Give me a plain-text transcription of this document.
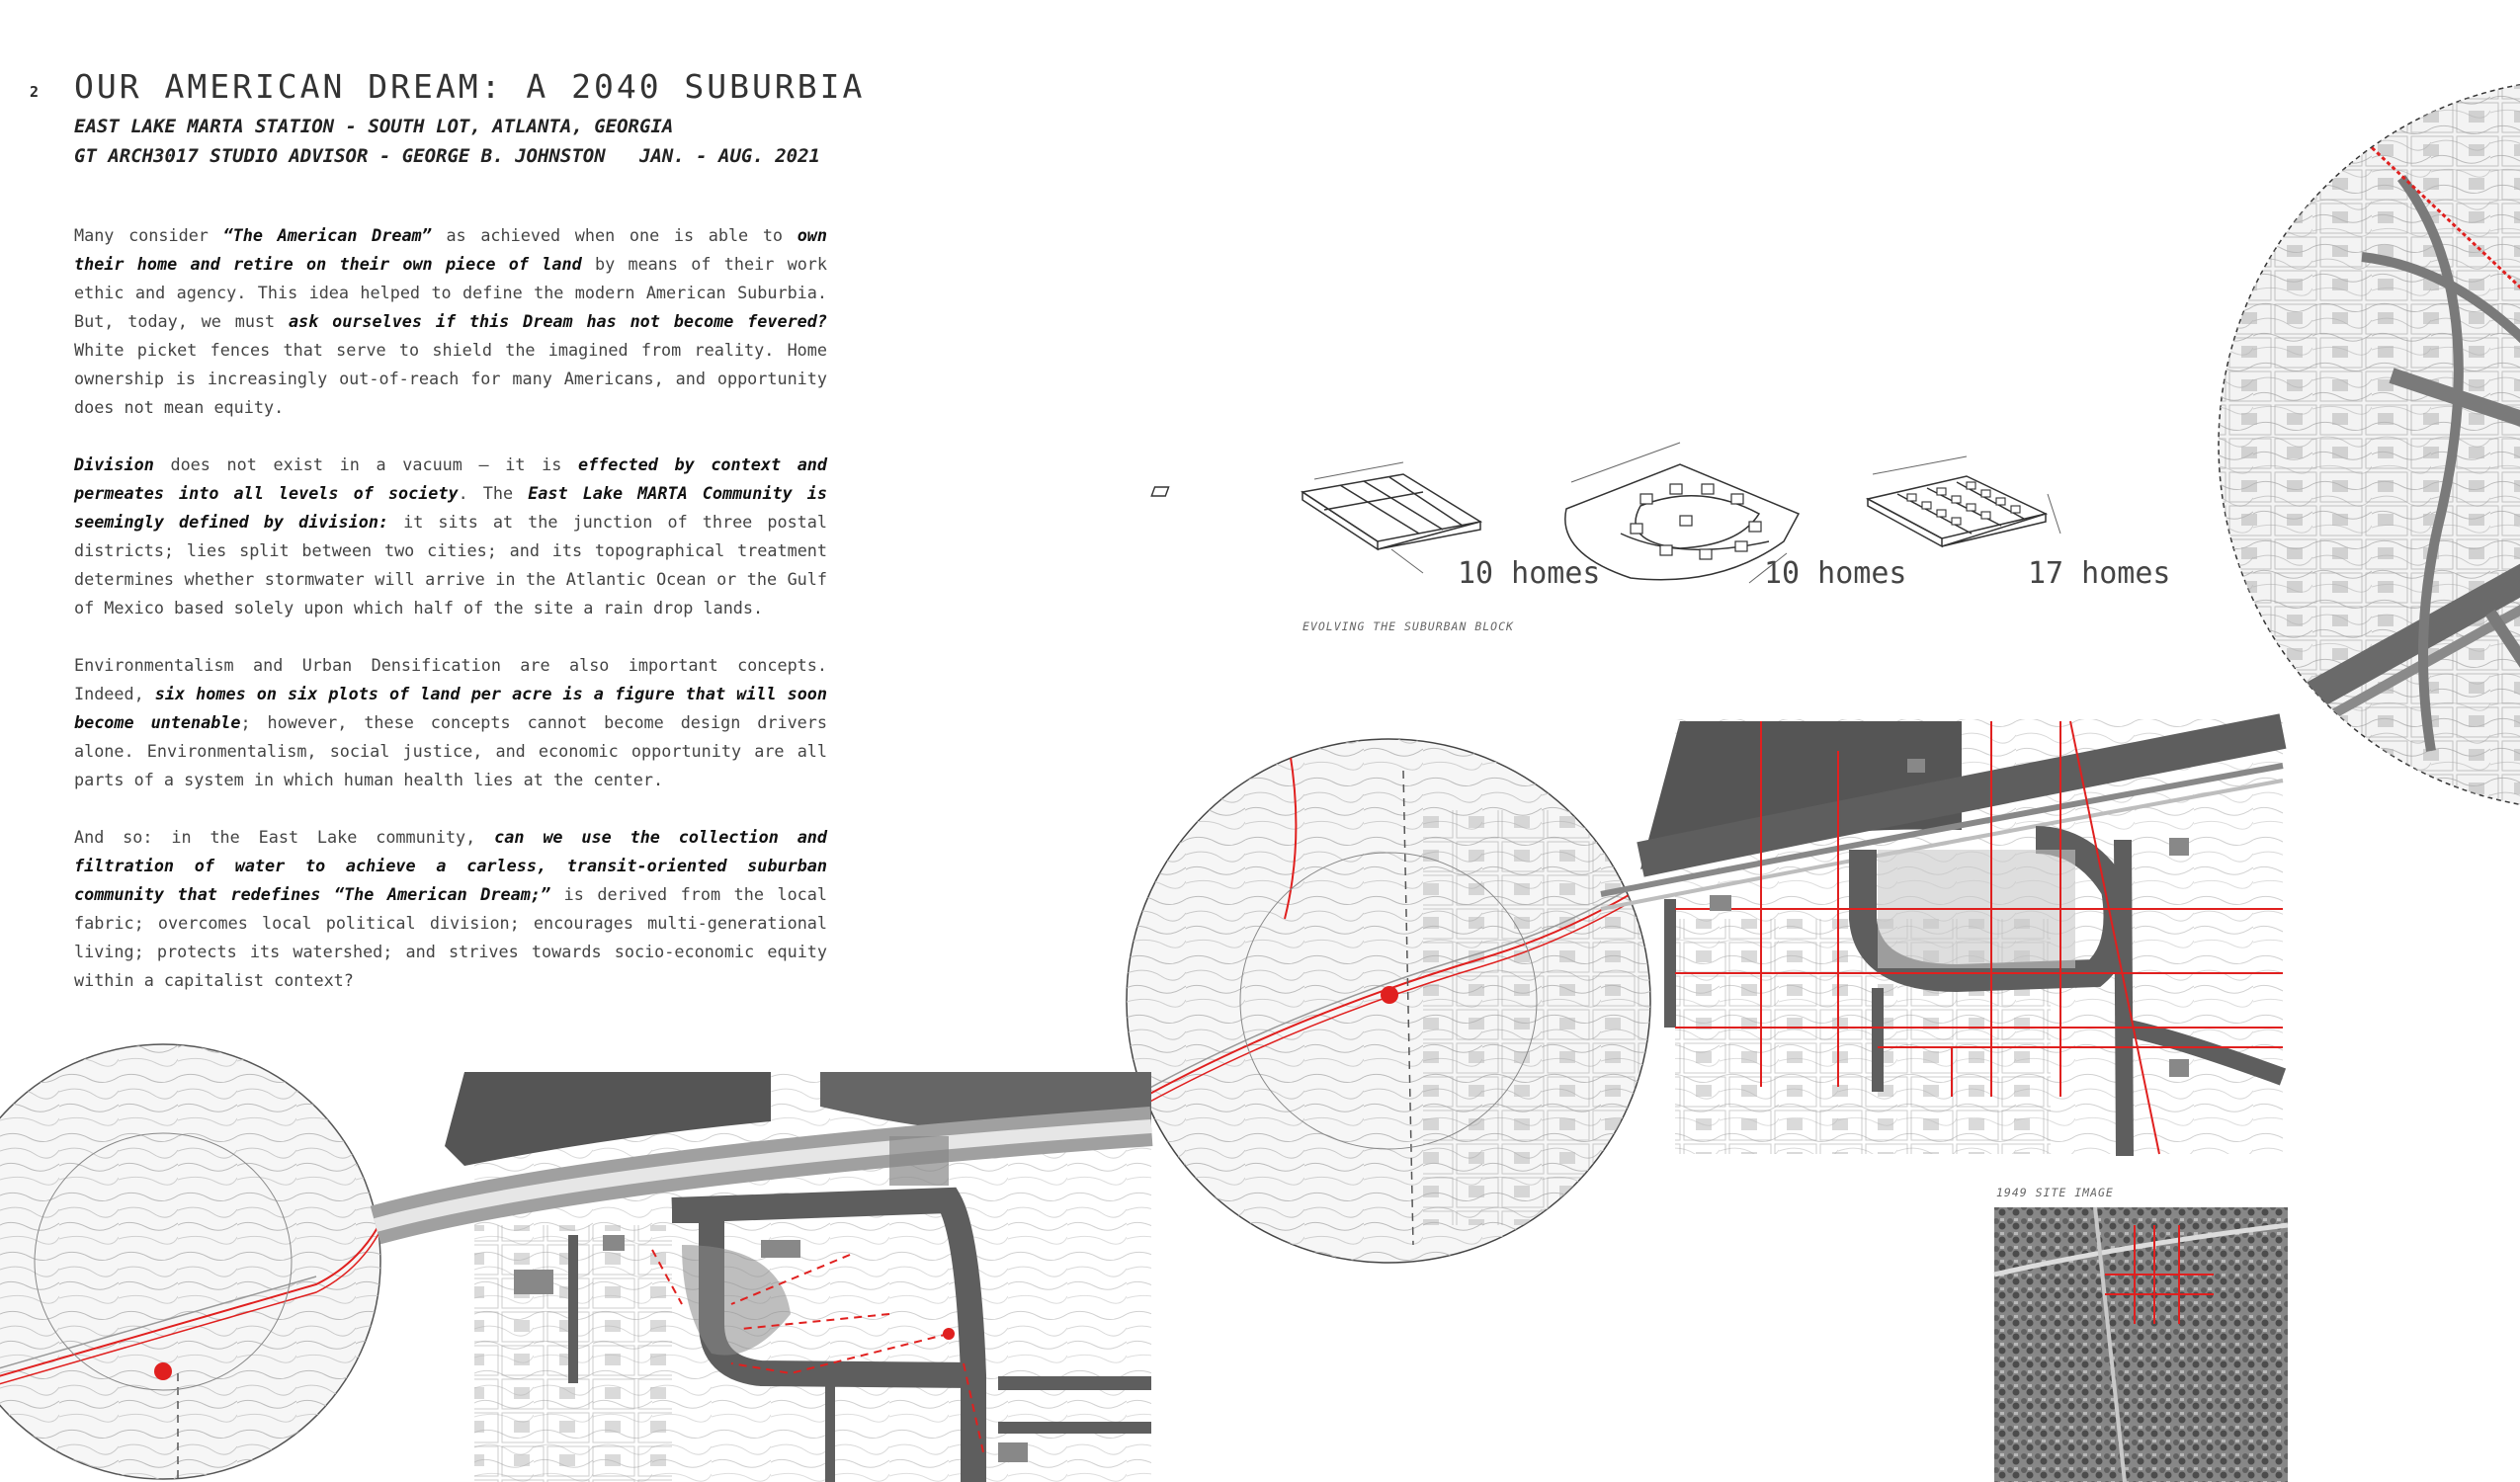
2 OUR AMERICAN DREAM: A 2040 SUBURBIA
EAST LAKE MARTA STATION - SOUTH LOT, ATLANTA, GEORGIA
GT ARCH3017 STUDIO ADVISOR - GEORGE B. JOHNSTON   JAN. - AUG. 2021

Many consider “The American Dream” as achieved when one is able to own their home and retire on their own piece of land by means of their work ethic and agency. This idea helped to define the modern American Suburbia. But, today, we must ask ourselves if this Dream has not become fevered? White picket fences that serve to shield the imagined from reality. Home ownership is increasingly out-of-reach for many Americans, and opportunity does not mean equity.

Division does not exist in a vacuum – it is effected by context and permeates into all levels of society. The East Lake MARTA Community is seemingly defined by division: it sits at the junction of three postal districts; lies split between two cities; and its topographical treatment determines whether stormwater will arrive in the Atlantic Ocean or the Gulf of Mexico based solely upon which half of the site a rain drop lands.

Environmentalism and Urban Densification are also important concepts. Indeed, six homes on six plots of land per acre is a figure that will soon become untenable; however, these concepts cannot become design drivers alone. Environmentalism, social justice, and economic opportunity are all parts of a system in which human health lies at the center.

And so: in the East Lake community, can we use the collection and filtration of water to achieve a carless, transit-oriented suburban community that redefines “The American Dream;” is derived from the local fabric; overcomes local political division; encourages multi-generational living; protects its watershed; and strives towards socio-economic equity within a capitalist context?

10 homes	10 homes	17 homes
EVOLVING THE SUBURBAN BLOCK
1949 SITE IMAGE
